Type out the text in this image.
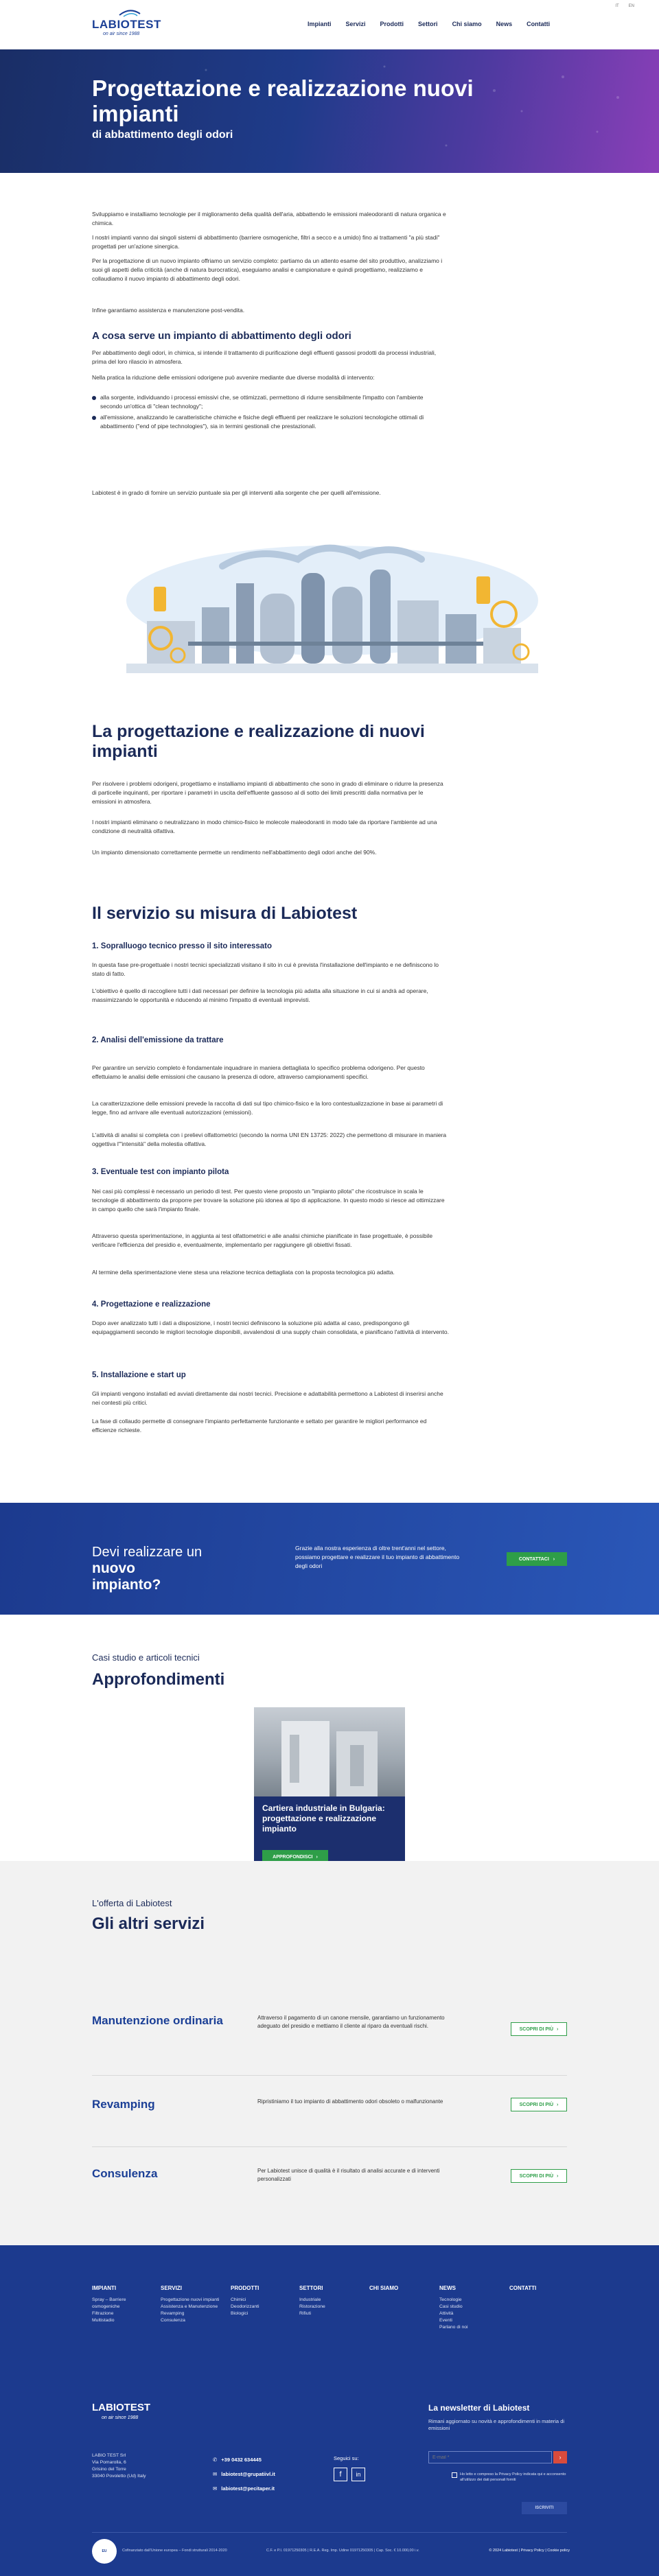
IT EN
LABIOTEST
on air since 1988
Impianti Servizi Prodotti Settori Chi siamo News Contatti
Progettazione e realizzazione nuovi impianti
di abbattimento degli odori
Sviluppiamo e installiamo tecnologie per il miglioramento della qualità dell'aria, abbattendo le emissioni maleodoranti di natura organica e chimica.
I nostri impianti vanno dai singoli sistemi di abbattimento (barriere osmogeniche, filtri a secco e a umido) fino ai trattamenti "a più stadi" progettati per un'azione sinergica.
Per la progettazione di un nuovo impianto offriamo un servizio completo: partiamo da un attento esame del sito produttivo, analizziamo i suoi gli aspetti della criticità (anche di natura burocratica), eseguiamo analisi e campionature e quindi progettiamo, realizziamo e collaudiamo il nuovo impianto di abbattimento degli odori.
Infine garantiamo assistenza e manutenzione post-vendita.
A cosa serve un impianto di abbattimento degli odori
Per abbattimento degli odori, in chimica, si intende il trattamento di purificazione degli effluenti gassosi prodotti da processi industriali, prima del loro rilascio in atmosfera.
Nella pratica la riduzione delle emissioni odorigene può avvenire mediante due diverse modalità di intervento:
alla sorgente, individuando i processi emissivi che, se ottimizzati, permettono di ridurre sensibilmente l'impatto con l'ambiente secondo un'ottica di "clean technology";
all'emissione, analizzando le caratteristiche chimiche e fisiche degli effluenti per realizzare le soluzioni tecnologiche ottimali di abbattimento ("end of pipe technologies"), sia in termini gestionali che prestazionali.
Labiotest è in grado di fornire un servizio puntuale sia per gli interventi alla sorgente che per quelli all'emissione.
La progettazione e realizzazione di nuovi impianti
Per risolvere i problemi odorigeni, progettiamo e installiamo impianti di abbattimento che sono in grado di eliminare o ridurre la presenza di particelle inquinanti, per riportare i parametri in uscita dell'effluente gassoso al di sotto dei limiti prescritti dalla normativa per le emissioni in atmosfera.
I nostri impianti eliminano o neutralizzano in modo chimico-fisico le molecole maleodoranti in modo tale da riportare l'ambiente ad una condizione di neutralità olfattiva.
Un impianto dimensionato correttamente permette un rendimento nell'abbattimento degli odori anche del 90%.
Il servizio su misura di Labiotest
1. Sopralluogo tecnico presso il sito interessato
In questa fase pre-progettuale i nostri tecnici specializzati visitano il sito in cui è prevista l'installazione dell'impianto e ne definiscono lo stato di fatto.
L'obiettivo è quello di raccogliere tutti i dati necessari per definire la tecnologia più adatta alla situazione in cui si andrà ad operare, massimizzando le opportunità e riducendo al minimo l'impatto di eventuali imprevisti.
2. Analisi dell'emissione da trattare
Per garantire un servizio completo è fondamentale inquadrare in maniera dettagliata lo specifico problema odorigeno. Per questo effettuiamo le analisi delle emissioni che causano la presenza di odore, attraverso campionamenti specifici.
La caratterizzazione delle emissioni prevede la raccolta di dati sul tipo chimico-fisico e la loro contestualizzazione in base ai parametri di legge, fino ad arrivare alle eventuali autorizzazioni (emissioni).
L'attività di analisi si completa con i prelievi olfattometrici (secondo la norma UNI EN 13725: 2022) che permettono di misurare in maniera oggettiva l'"intensità" della molestia olfattiva.
3. Eventuale test con impianto pilota
Nei casi più complessi è necessario un periodo di test. Per questo viene proposto un "impianto pilota" che ricostruisce in scala le tecnologie di abbattimento da proporre per trovare la soluzione più idonea al tipo di applicazione. In questo modo si riesce ad ottimizzare in campo quello che sarà l'impianto finale.
Attraverso questa sperimentazione, in aggiunta ai test olfattometrici e alle analisi chimiche pianificate in fase progettuale, è possibile verificare l'efficienza del presidio e, eventualmente, implementarlo per raggiungere gli obiettivi fissati.
Al termine della sperimentazione viene stesa una relazione tecnica dettagliata con la proposta tecnologica più adatta.
4. Progettazione e realizzazione
Dopo aver analizzato tutti i dati a disposizione, i nostri tecnici definiscono la soluzione più adatta al caso, predispongono gli equipaggiamenti secondo le migliori tecnologie disponibili, avvalendosi di una supply chain consolidata, e pianificano l'attività di intervento.
5. Installazione e start up
Gli impianti vengono installati ed avviati direttamente dai nostri tecnici. Precisione e adattabilità permettono a Labiotest di inserirsi anche nei contesti più critici.
La fase di collaudo permette di consegnare l'impianto perfettamente funzionante e settato per garantire le migliori performance ed efficienze richieste.
Devi realizzare un nuovo
impianto?
Grazie alla nostra esperienza di oltre trent'anni nel settore, possiamo progettare e realizzare il tuo impianto di abbattimento degli odori
CONTATTACI ›
Casi studio e articoli tecnici
Approfondimenti
Cartiera industriale in Bulgaria: progettazione e realizzazione impianto
APPROFONDISCI ›
L'offerta di Labiotest
Gli altri servizi
Manutenzione ordinaria	Attraverso il pagamento di un canone mensile, garantiamo un funzionamento adeguato del presidio e mettiamo il cliente al riparo da eventuali rischi.	SCOPRI DI PIÙ ›
Revamping	Ripristiniamo il tuo impianto di abbattimento odori obsoleto o malfunzionante	SCOPRI DI PIÙ ›
Consulenza	Per Labiotest unisce di qualità è il risultato di analisi accurate e di interventi personalizzati	SCOPRI DI PIÙ ›
IMPIANTI
Spray – Barriere osmogeniche
Filtrazione
Multistadio
SERVIZI
Progettazione nuovi impianti
Assistenza e Manutenzione
Revamping
Consulenza
PRODOTTI
Chimici
Deodorizzanti
Biologici
SETTORI
Industriale
Ristorazione
Rifiuti
CHI SIAMO	NEWS
Tecnologie
Casi studio
Attività
Eventi
Parlano di noi
CONTATTI
LABIOTEST
on air since 1988
LABIO TEST Srl
Via Pomarolla, 6
Grisino del Torre
33040 Povoletto (Ud) Italy
✆ +39 0432 634445
✉ labiotest@grupatiivl.it
✉ labiotest@pecitaper.it
Seguici su:
f	in
La newsletter di Labiotest
Rimani aggiornato su novità e approfondimenti in materia di emissioni
E-mail *
›
Ho letto e compreso la Privacy Policy indicata qui e acconsento all'utilizzo dei dati personali forniti
ISCRIVITI
EU	Cofinanziato dall'Unione europea – Fondi strutturali 2014-2020	C.F. e P.I. 01971250305 | R.E.A. Reg. Imp. Udine 01971250305 | Cap. Soc. € 10.000,00 i.v.	© 2024 Labiotest | Privacy Policy | Cookie policy
